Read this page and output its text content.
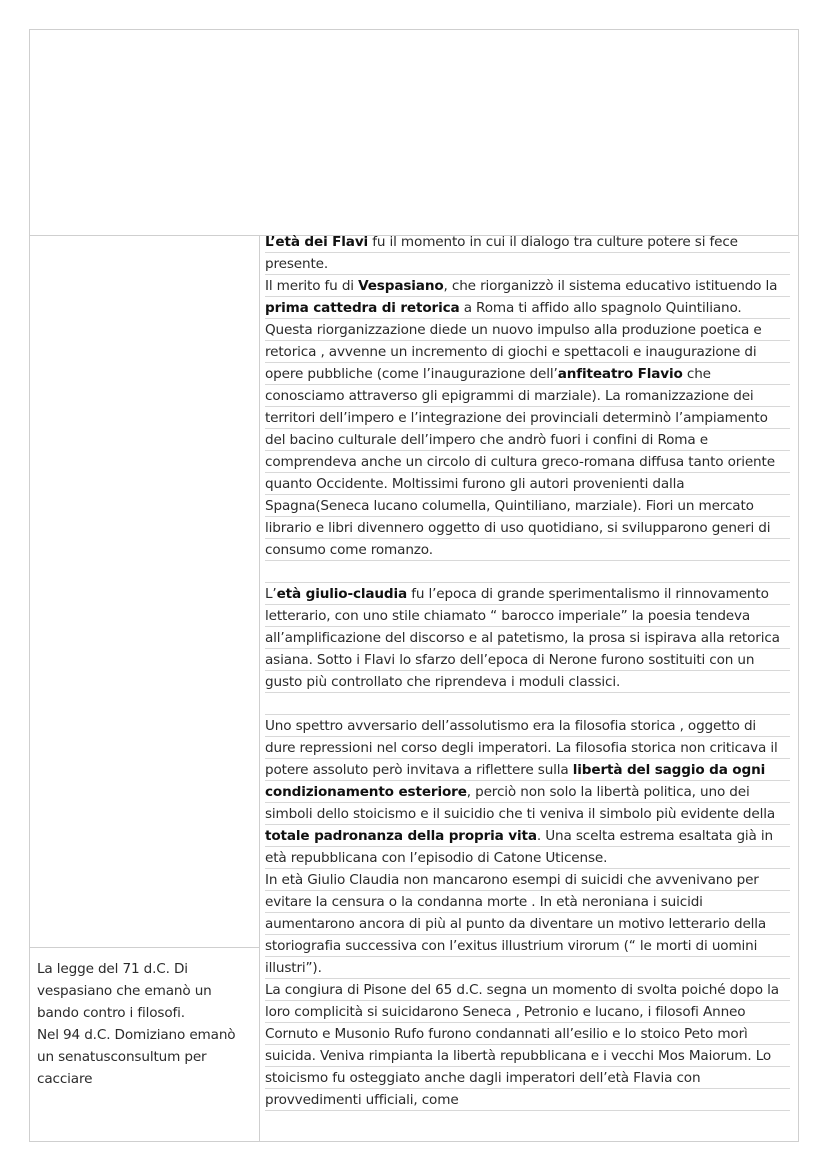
L’età dei Flavi fu il momento in cui il dialogo tra culture potere si fece presente.
Il merito fu di Vespasiano, che riorganizzò il sistema educativo istituendo la prima cattedra di retorica a Roma ti affido allo spagnolo Quintiliano.
Questa riorganizzazione diede un nuovo impulso alla produzione poetica e retorica , avvenne un incremento di giochi e spettacoli e inaugurazione di opere pubbliche (come l’inaugurazione dell’anfiteatro Flavio che conosciamo attraverso gli epigrammi di marziale). La romanizzazione dei territori dell’impero e l’integrazione dei provinciali determinò l’ampiamento del bacino culturale dell’impero che andrò fuori i confini di Roma e comprendeva anche un circolo di cultura greco-romana diffusa tanto oriente quanto Occidente. Moltissimi furono gli autori provenienti dalla Spagna(Seneca lucano columella, Quintiliano, marziale). Fiori un mercato librario e libri divennero oggetto di uso quotidiano, si svilupparono generi di consumo come romanzo.

L’età giulio-claudia fu l’epoca di grande sperimentalismo il rinnovamento letterario, con uno stile chiamato “ barocco imperiale” la poesia tendeva all’amplificazione del discorso e al patetismo, la prosa si ispirava alla retorica asiana. Sotto i Flavi lo sfarzo dell’epoca di Nerone furono sostituiti con un gusto più controllato che riprendeva i moduli classici.

Uno spettro avversario dell’assolutismo era la filosofia storica , oggetto di dure repressioni nel corso degli imperatori. La filosofia storica non criticava il potere assoluto però invitava a riflettere sulla libertà del saggio da ogni condizionamento esteriore, perciò non solo la libertà politica, uno dei simboli dello stoicismo e il suicidio che ti veniva il simbolo più evidente della totale padronanza della propria vita. Una scelta estrema esaltata già in età repubblicana con l’episodio di Catone Uticense.
In età Giulio Claudia non mancarono esempi di suicidi che avvenivano per evitare la censura o la condanna morte . In età neroniana i suicidi aumentarono ancora di più al punto da diventare un motivo letterario della storiografia successiva con l’exitus illustrium virorum (“ le morti di uomini illustri”).
La congiura di Pisone del 65 d.C. segna un momento di svolta poiché dopo la loro complicità si suicidarono Seneca , Petronio e lucano, i filosofi Anneo Cornuto e Musonio Rufo furono condannati all’esilio e lo stoico Peto morì suicida. Veniva rimpianta la libertà repubblicana e i vecchi Mos Maiorum. Lo stoicismo fu osteggiato anche dagli imperatori dell’età Flavia con provvedimenti ufficiali, come

La legge del 71 d.C. Di vespasiano che emanò un bando contro i filosofi.
Nel 94 d.C. Domiziano emanò un senatusconsultum per cacciare
